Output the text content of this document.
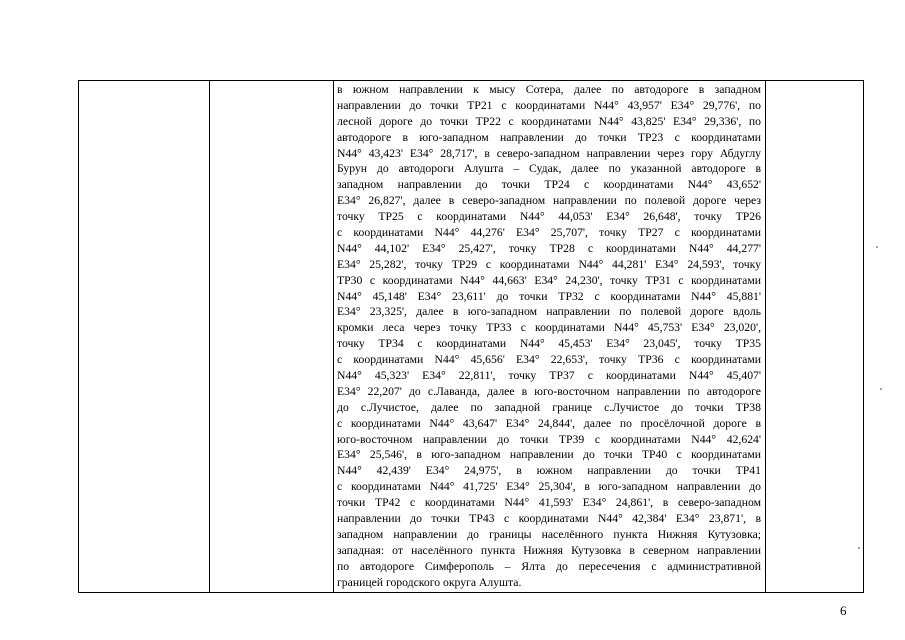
в южном направлении к мысу Сотера, далее по автодороге в западном
направлении до точки ТР21 с координатами N44° 43,957' E34° 29,776', по
лесной дороге до точки ТР22 с координатами N44° 43,825' E34° 29,336', по
автодороге в юго-западном направлении до точки ТР23 с координатами
N44° 43,423' E34° 28,717', в северо-западном направлении через гору Абдуглу
Бурун до автодороги Алушта – Судак, далее по указанной автодороге в
западном направлении до точки ТР24 с координатами N44° 43,652'
E34° 26,827', далее в северо-западном направлении по полевой дороге через
точку ТР25 с координатами N44° 44,053' E34° 26,648', точку ТР26
с координатами N44° 44,276' E34° 25,707', точку ТР27 с координатами
N44° 44,102' E34° 25,427', точку ТР28 с координатами N44° 44,277'
E34° 25,282', точку ТР29 с координатами N44° 44,281' E34° 24,593', точку
ТР30 с координатами N44° 44,663' E34° 24,230', точку ТР31 с координатами
N44° 45,148' E34° 23,611' до точки ТР32 с координатами N44° 45,881'
E34° 23,325', далее в юго-западном направлении по полевой дороге вдоль
кромки леса через точку ТР33 с координатами N44° 45,753' E34° 23,020',
точку ТР34 с координатами N44° 45,453' E34° 23,045', точку ТР35
с координатами N44° 45,656' E34° 22,653', точку ТР36 с координатами
N44° 45,323' E34° 22,811', точку ТР37 с координатами N44° 45,407'
E34° 22,207' до с.Лаванда, далее в юго-восточном направлении по автодороге
до с.Лучистое, далее по западной границе с.Лучистое до точки ТР38
с координатами N44° 43,647' E34° 24,844', далее по просёлочной дороге в
юго-восточном направлении до точки ТР39 с координатами N44° 42,624'
E34° 25,546', в юго-западном направлении до точки ТР40 с координатами
N44° 42,439' E34° 24,975', в южном направлении до точки ТР41
с координатами N44° 41,725' E34° 25,304', в юго-западном направлении до
точки ТР42 с координатами N44° 41,593' E34° 24,861', в северо-западном
направлении до точки ТР43 с координатами N44° 42,384' E34° 23,871', в
западном направлении до границы населённого пункта Нижняя Кутузовка;
западная: от населённого пункта Нижняя Кутузовка в северном направлении
по автодороге Симферополь – Ялта до пересечения с административной
границей городского округа Алушта.

6
